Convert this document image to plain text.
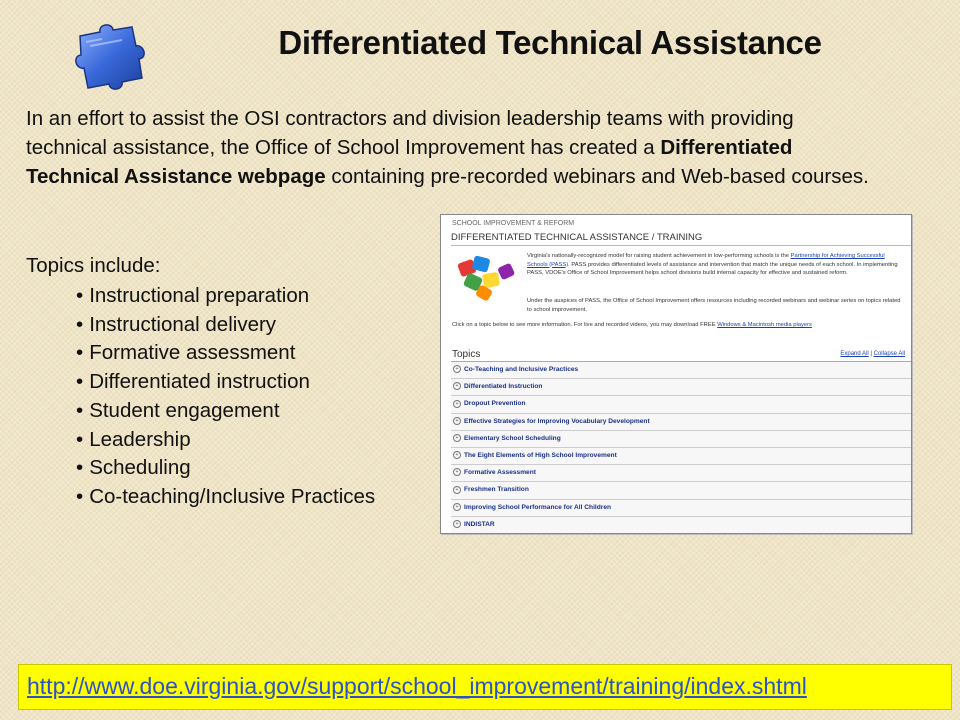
Differentiated Technical Assistance

In an effort to assist the OSI contractors and division leadership teams with providing technical assistance, the Office of School Improvement has created a Differentiated Technical Assistance webpage containing pre-recorded webinars and Web-based courses.

Topics include:
• Instructional preparation
• Instructional delivery
• Formative assessment
• Differentiated instruction
• Student engagement
• Leadership
• Scheduling
• Co-teaching/Inclusive Practices
SCHOOL IMPROVEMENT & REFORM
DIFFERENTIATED TECHNICAL ASSISTANCE / TRAINING
Virginia's nationally-recognized model for raising student achievement in low-performing schools is the Partnership for Achieving Successful Schools (PASS). PASS provides differentiated levels of assistance and intervention that match the unique needs of each school. In implementing PASS, VDOE's Office of School Improvement helps school divisions build internal capacity for effective and sustained reform.
Under the auspices of PASS, the Office of School Improvement offers resources including recorded webinars and webinar series on topics related to school improvement.
Click on a topic below to see more information. For live and recorded videos, you may download FREE Windows & Macintosh media players
Topics	Expand All | Collapse All
+ Co-Teaching and Inclusive Practices
+ Differentiated Instruction
+ Dropout Prevention
+ Effective Strategies for Improving Vocabulary Development
+ Elementary School Scheduling
+ The Eight Elements of High School Improvement
+ Formative Assessment
+ Freshmen Transition
+ Improving School Performance for All Children
+ INDISTAR
http://www.doe.virginia.gov/support/school_improvement/training/index.shtml
